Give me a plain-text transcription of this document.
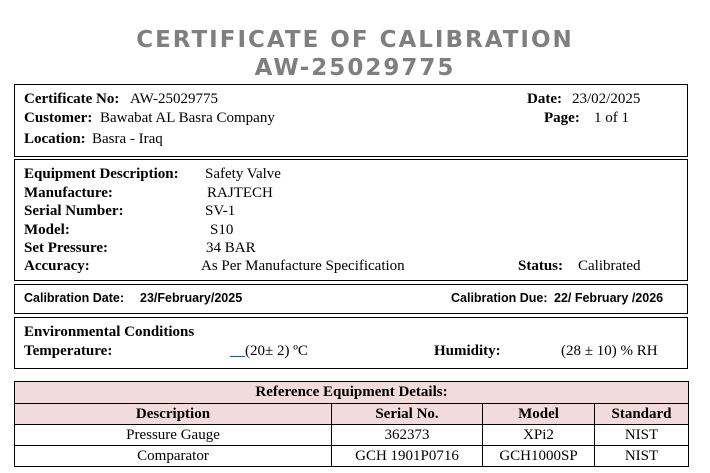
CERTIFICATE OF CALIBRATION
AW-25029775
Certificate No: AW-25029775
Customer: Bawabat AL Basra Company
Location: Basra - Iraq
Date: 23/02/2025
Page: 1 of 1
Equipment Description: Safety Valve
Manufacture:	RAJTECH
Serial Number:	SV-1
Model:	S10
Set Pressure:	34 BAR
Accuracy:	As Per Manufacture Specification	Status: Calibrated
Calibration Date: 23/February/2025	Calibration Due: 22/ February /2026
Environmental Conditions
Temperature:	__(20± 2) ºC	Humidity:	(28 ± 10) % RH
Reference Equipment Details:			
Description	Serial No.	Model	Standard
Pressure Gauge	362373	XPi2	NIST
Comparator	GCH 1901P0716	GCH1000SP	NIST
